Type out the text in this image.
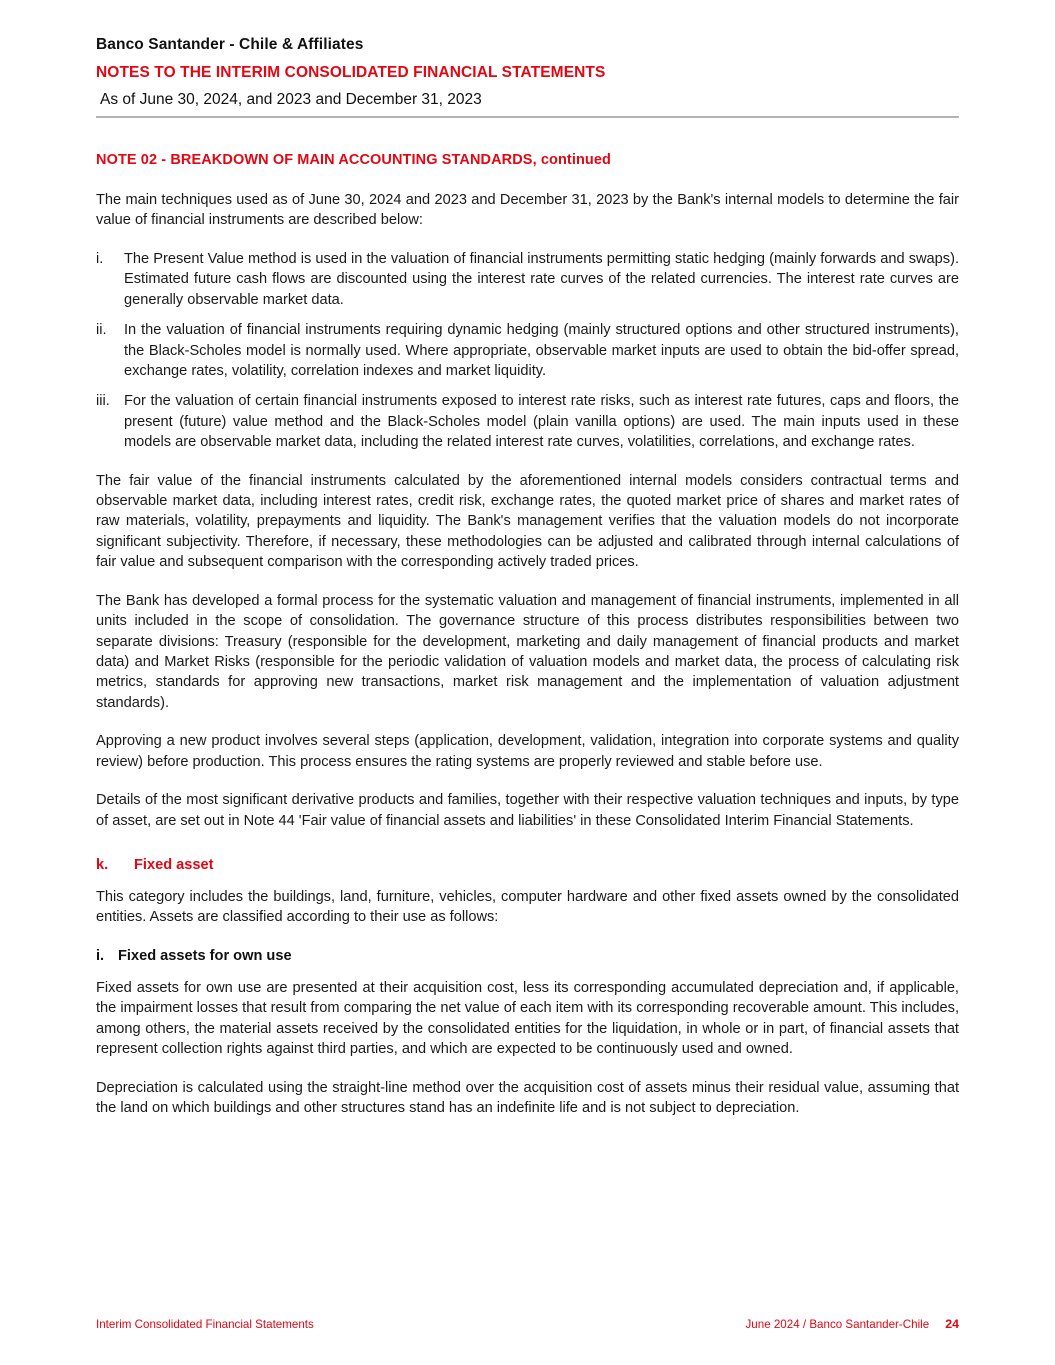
Banco Santander - Chile & Affiliates
NOTES TO THE INTERIM CONSOLIDATED FINANCIAL STATEMENTS
As of June 30, 2024, and 2023 and December 31, 2023
NOTE 02 - BREAKDOWN OF MAIN ACCOUNTING STANDARDS, continued

The main techniques used as of June 30, 2024 and 2023 and December 31, 2023 by the Bank's internal models to determine the fair value of financial instruments are described below:

i.	The Present Value method is used in the valuation of financial instruments permitting static hedging (mainly forwards and swaps). Estimated future cash flows are discounted using the interest rate curves of the related currencies. The interest rate curves are generally observable market data.
ii.	In the valuation of financial instruments requiring dynamic hedging (mainly structured options and other structured instruments), the Black-Scholes model is normally used. Where appropriate, observable market inputs are used to obtain the bid-offer spread, exchange rates, volatility, correlation indexes and market liquidity.
iii. For the valuation of certain financial instruments exposed to interest rate risks, such as interest rate futures, caps and floors, the present (future) value method and the Black-Scholes model (plain vanilla options) are used. The main inputs used in these models are observable market data, including the related interest rate curves, volatilities, correlations, and exchange rates.

The fair value of the financial instruments calculated by the aforementioned internal models considers contractual terms and observable market data, including interest rates, credit risk, exchange rates, the quoted market price of shares and market rates of raw materials, volatility, prepayments and liquidity. The Bank's management verifies that the valuation models do not incorporate significant subjectivity. Therefore, if necessary, these methodologies can be adjusted and calibrated through internal calculations of fair value and subsequent comparison with the corresponding actively traded prices.

The Bank has developed a formal process for the systematic valuation and management of financial instruments, implemented in all units included in the scope of consolidation. The governance structure of this process distributes responsibilities between two separate divisions: Treasury (responsible for the development, marketing and daily management of financial products and market data) and Market Risks (responsible for the periodic validation of valuation models and market data, the process of calculating risk metrics, standards for approving new transactions, market risk management and the implementation of valuation adjustment standards).

Approving a new product involves several steps (application, development, validation, integration into corporate systems and quality review) before production. This process ensures the rating systems are properly reviewed and stable before use.

Details of the most significant derivative products and families, together with their respective valuation techniques and inputs, by type of asset, are set out in Note 44 'Fair value of financial assets and liabilities' in these Consolidated Interim Financial Statements.

k. Fixed asset

This category includes the buildings, land, furniture, vehicles, computer hardware and other fixed assets owned by the consolidated entities. Assets are classified according to their use as follows:

i. Fixed assets for own use

Fixed assets for own use are presented at their acquisition cost, less its corresponding accumulated depreciation and, if applicable, the impairment losses that result from comparing the net value of each item with its corresponding recoverable amount. This includes, among others, the material assets received by the consolidated entities for the liquidation, in whole or in part, of financial assets that represent collection rights against third parties, and which are expected to be continuously used and owned.

Depreciation is calculated using the straight-line method over the acquisition cost of assets minus their residual value, assuming that the land on which buildings and other structures stand has an indefinite life and is not subject to depreciation.

Interim Consolidated Financial Statements	June 2024 / Banco Santander-Chile 24
